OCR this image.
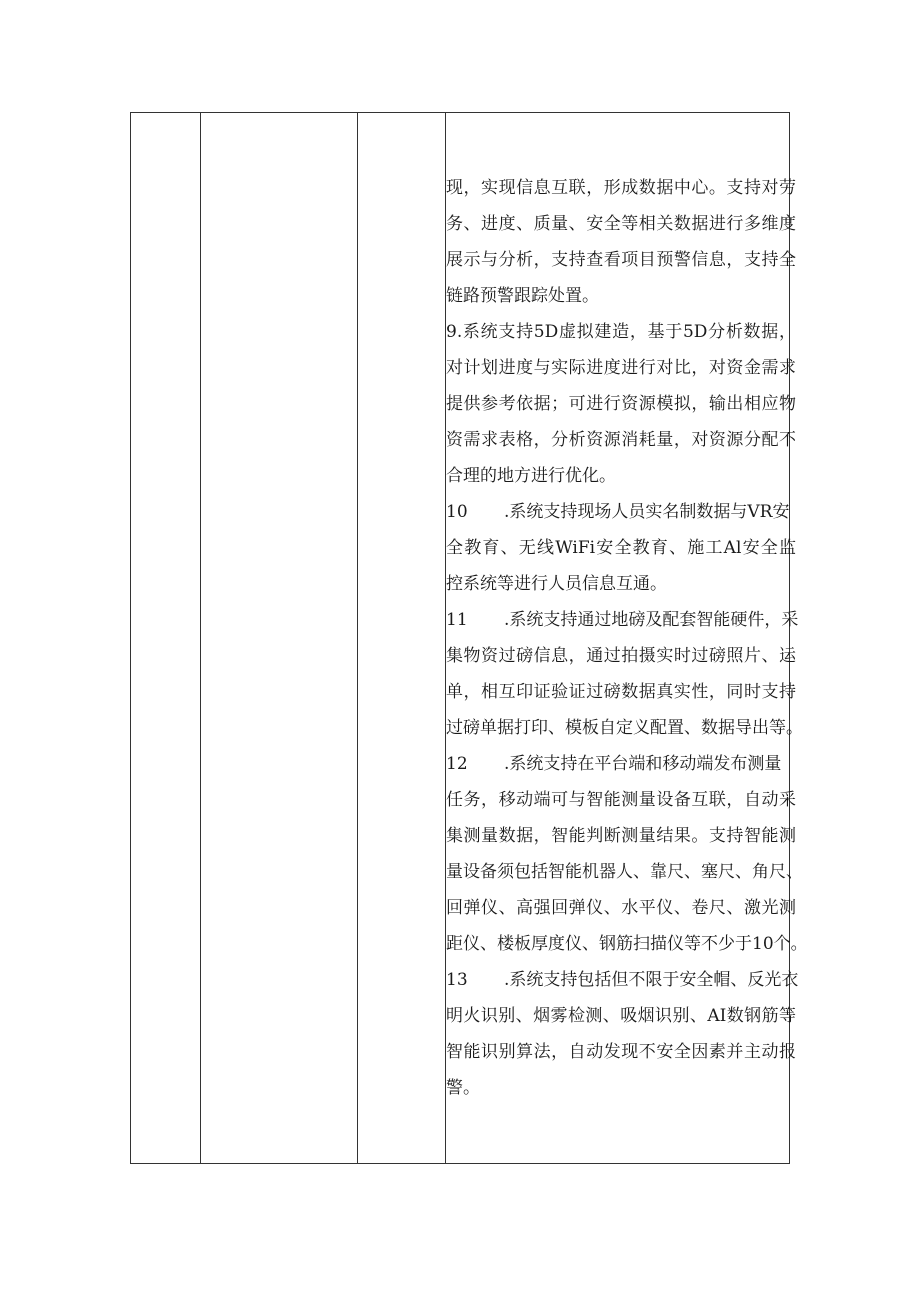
现，实现信息互联，形成数据中心。支持对劳
务、进度、质量、安全等相关数据进行多维度
展示与分析，支持查看项目预警信息，支持全
链路预警跟踪处置。
9.系统支持5D虚拟建造，基于5D分析数据，
对计划进度与实际进度进行对比，对资金需求
提供参考依据；可进行资源模拟，输出相应物
资需求表格，分析资源消耗量，对资源分配不
合理的地方进行优化。
10 .系统支持现场人员实名制数据与VR安
全教育、无线WiFi安全教育、施工Al安全监
控系统等进行人员信息互通。
11 .系统支持通过地磅及配套智能硬件，采
集物资过磅信息，通过拍摄实时过磅照片、运
单，相互印证验证过磅数据真实性，同时支持
过磅单据打印、模板自定义配置、数据导出等。
12 .系统支持在平台端和移动端发布测量
任务，移动端可与智能测量设备互联，自动采
集测量数据，智能判断测量结果。支持智能测
量设备须包括智能机器人、靠尺、塞尺、角尺、
回弹仪、高强回弹仪、水平仪、卷尺、激光测
距仪、楼板厚度仪、钢筋扫描仪等不少于10个。
13 .系统支持包括但不限于安全帽、反光衣
明火识别、烟雾检测、吸烟识别、AI数钢筋等
智能识别算法，自动发现不安全因素并主动报
警。
